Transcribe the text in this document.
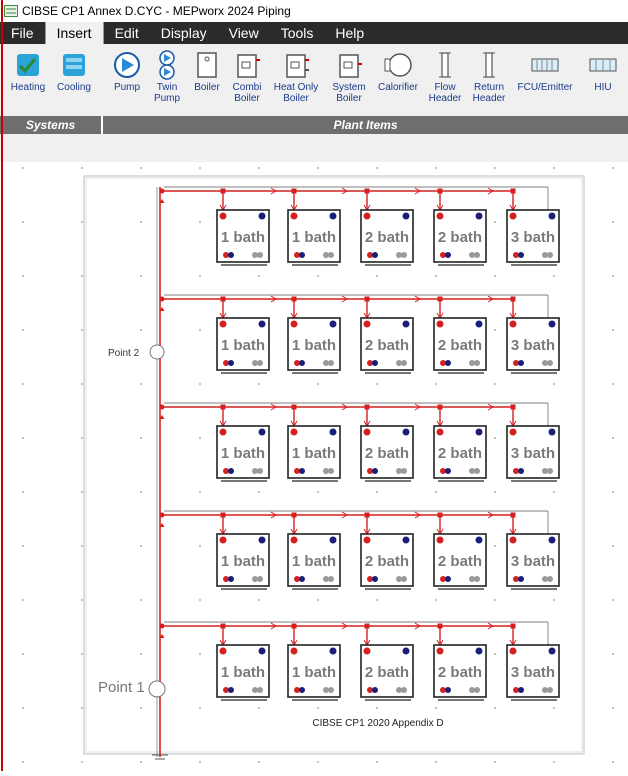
CIBSE CP1 Annex D.CYC - MEPworx 2024 Piping
File	Insert	Edit	Display	View	Tools	Help
Heating	Cooling	Pump	Twin
Pump
Boiler	Combi
Boiler
Heat Only
Boiler
System
Boiler
Calorifier	Flow
Header
Return
Header
FCU/Emitter	HIU
Systems	Plant Items
1 bath 1 bath 2 bath 2 bath 3 bath
1 bath 1 bath 2 bath 2 bath 3 bath
1 bath 1 bath 2 bath 2 bath 3 bath
1 bath 1 bath 2 bath 2 bath 3 bath
1 bath 1 bath 2 bath 2 bath 3 bath
Point 2
Point 1
CIBSE CP1 2020 Appendix D
